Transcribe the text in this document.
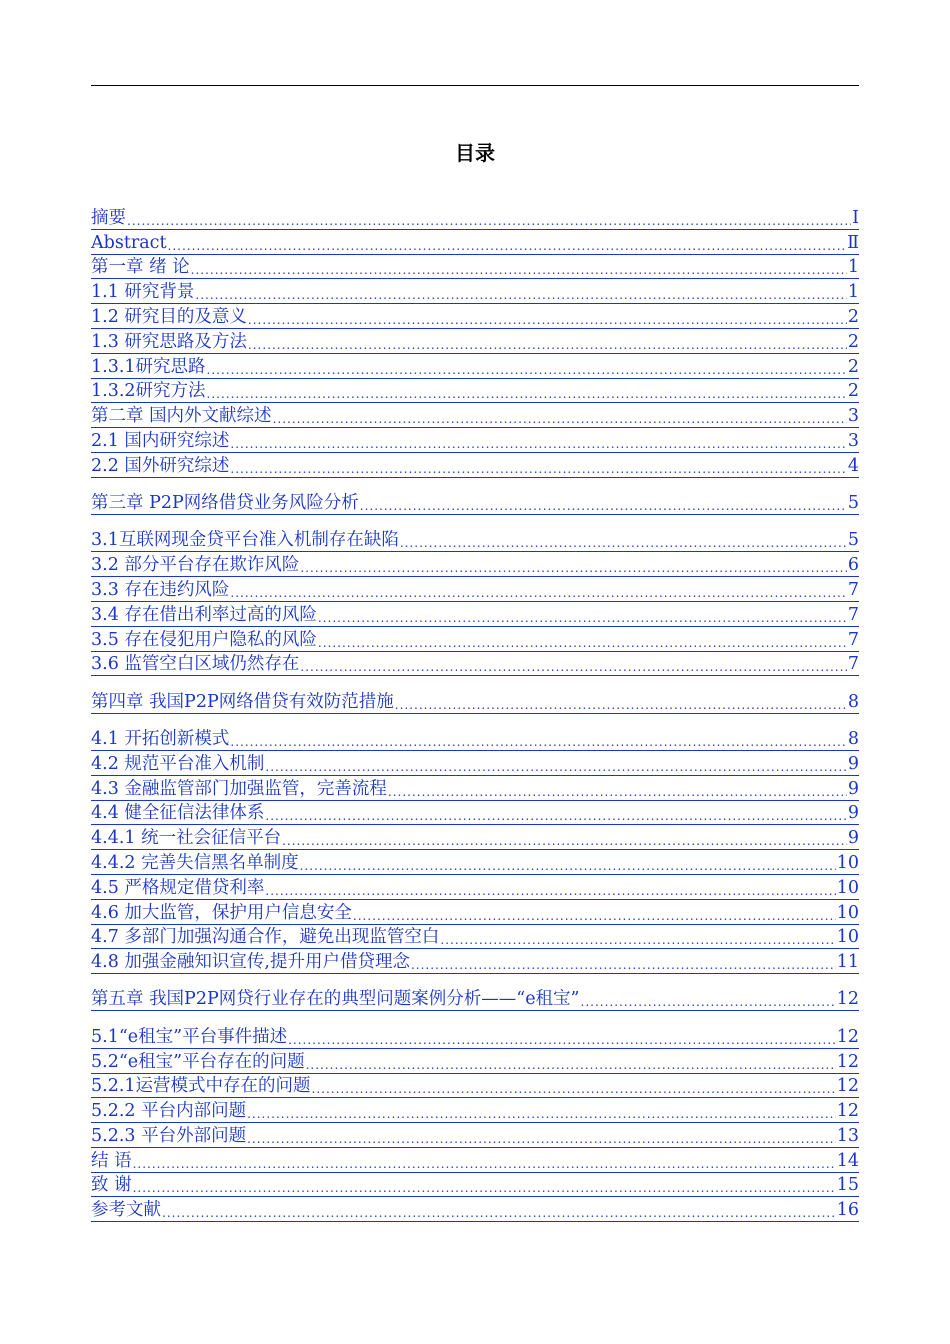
目录
摘要 .....	Ⅰ
Abstract .....	Ⅱ
第一章 绪 论 .....	1
1.1 研究背景 .....	1
1.2 研究目的及意义 .....	2
1.3 研究思路及方法 .....	2
1.3.1研究思路 .....	2
1.3.2研究方法 .....	2
第二章 国内外文献综述 .....	3
2.1 国内研究综述 .....	3
2.2 国外研究综述 .....	4
第三章 P2P网络借贷业务风险分析 .....	5
3.1互联网现金贷平台准入机制存在缺陷 .....	5
3.2 部分平台存在欺诈风险 .....	6
3.3 存在违约风险 .....	7
3.4 存在借出利率过高的风险 .....	7
3.5 存在侵犯用户隐私的风险 .....	7
3.6 监管空白区域仍然存在 .....	7
第四章 我国P2P网络借贷有效防范措施 .....	8
4.1 开拓创新模式 .....	8
4.2 规范平台准入机制 .....	9
4.3 金融监管部门加强监管，完善流程 .....	9
4.4 健全征信法律体系 .....	9
4.4.1 统一社会征信平台 .....	9
4.4.2 完善失信黑名单制度 .....	10
4.5 严格规定借贷利率 .....	10
4.6 加大监管，保护用户信息安全 .....	10
4.7 多部门加强沟通合作，避免出现监管空白 .....	10
4.8 加强金融知识宣传,提升用户借贷理念 .....	11
第五章 我国P2P网贷行业存在的典型问题案例分析——“e租宝” .....	12
5.1“e租宝”平台事件描述 .....	12
5.2“e租宝”平台存在的问题 .....	12
5.2.1运营模式中存在的问题 .....	12
5.2.2 平台内部问题 .....	12
5.2.3 平台外部问题 .....	13
结 语 .....	14
致 谢 .....	15
参考文献 .....	16
